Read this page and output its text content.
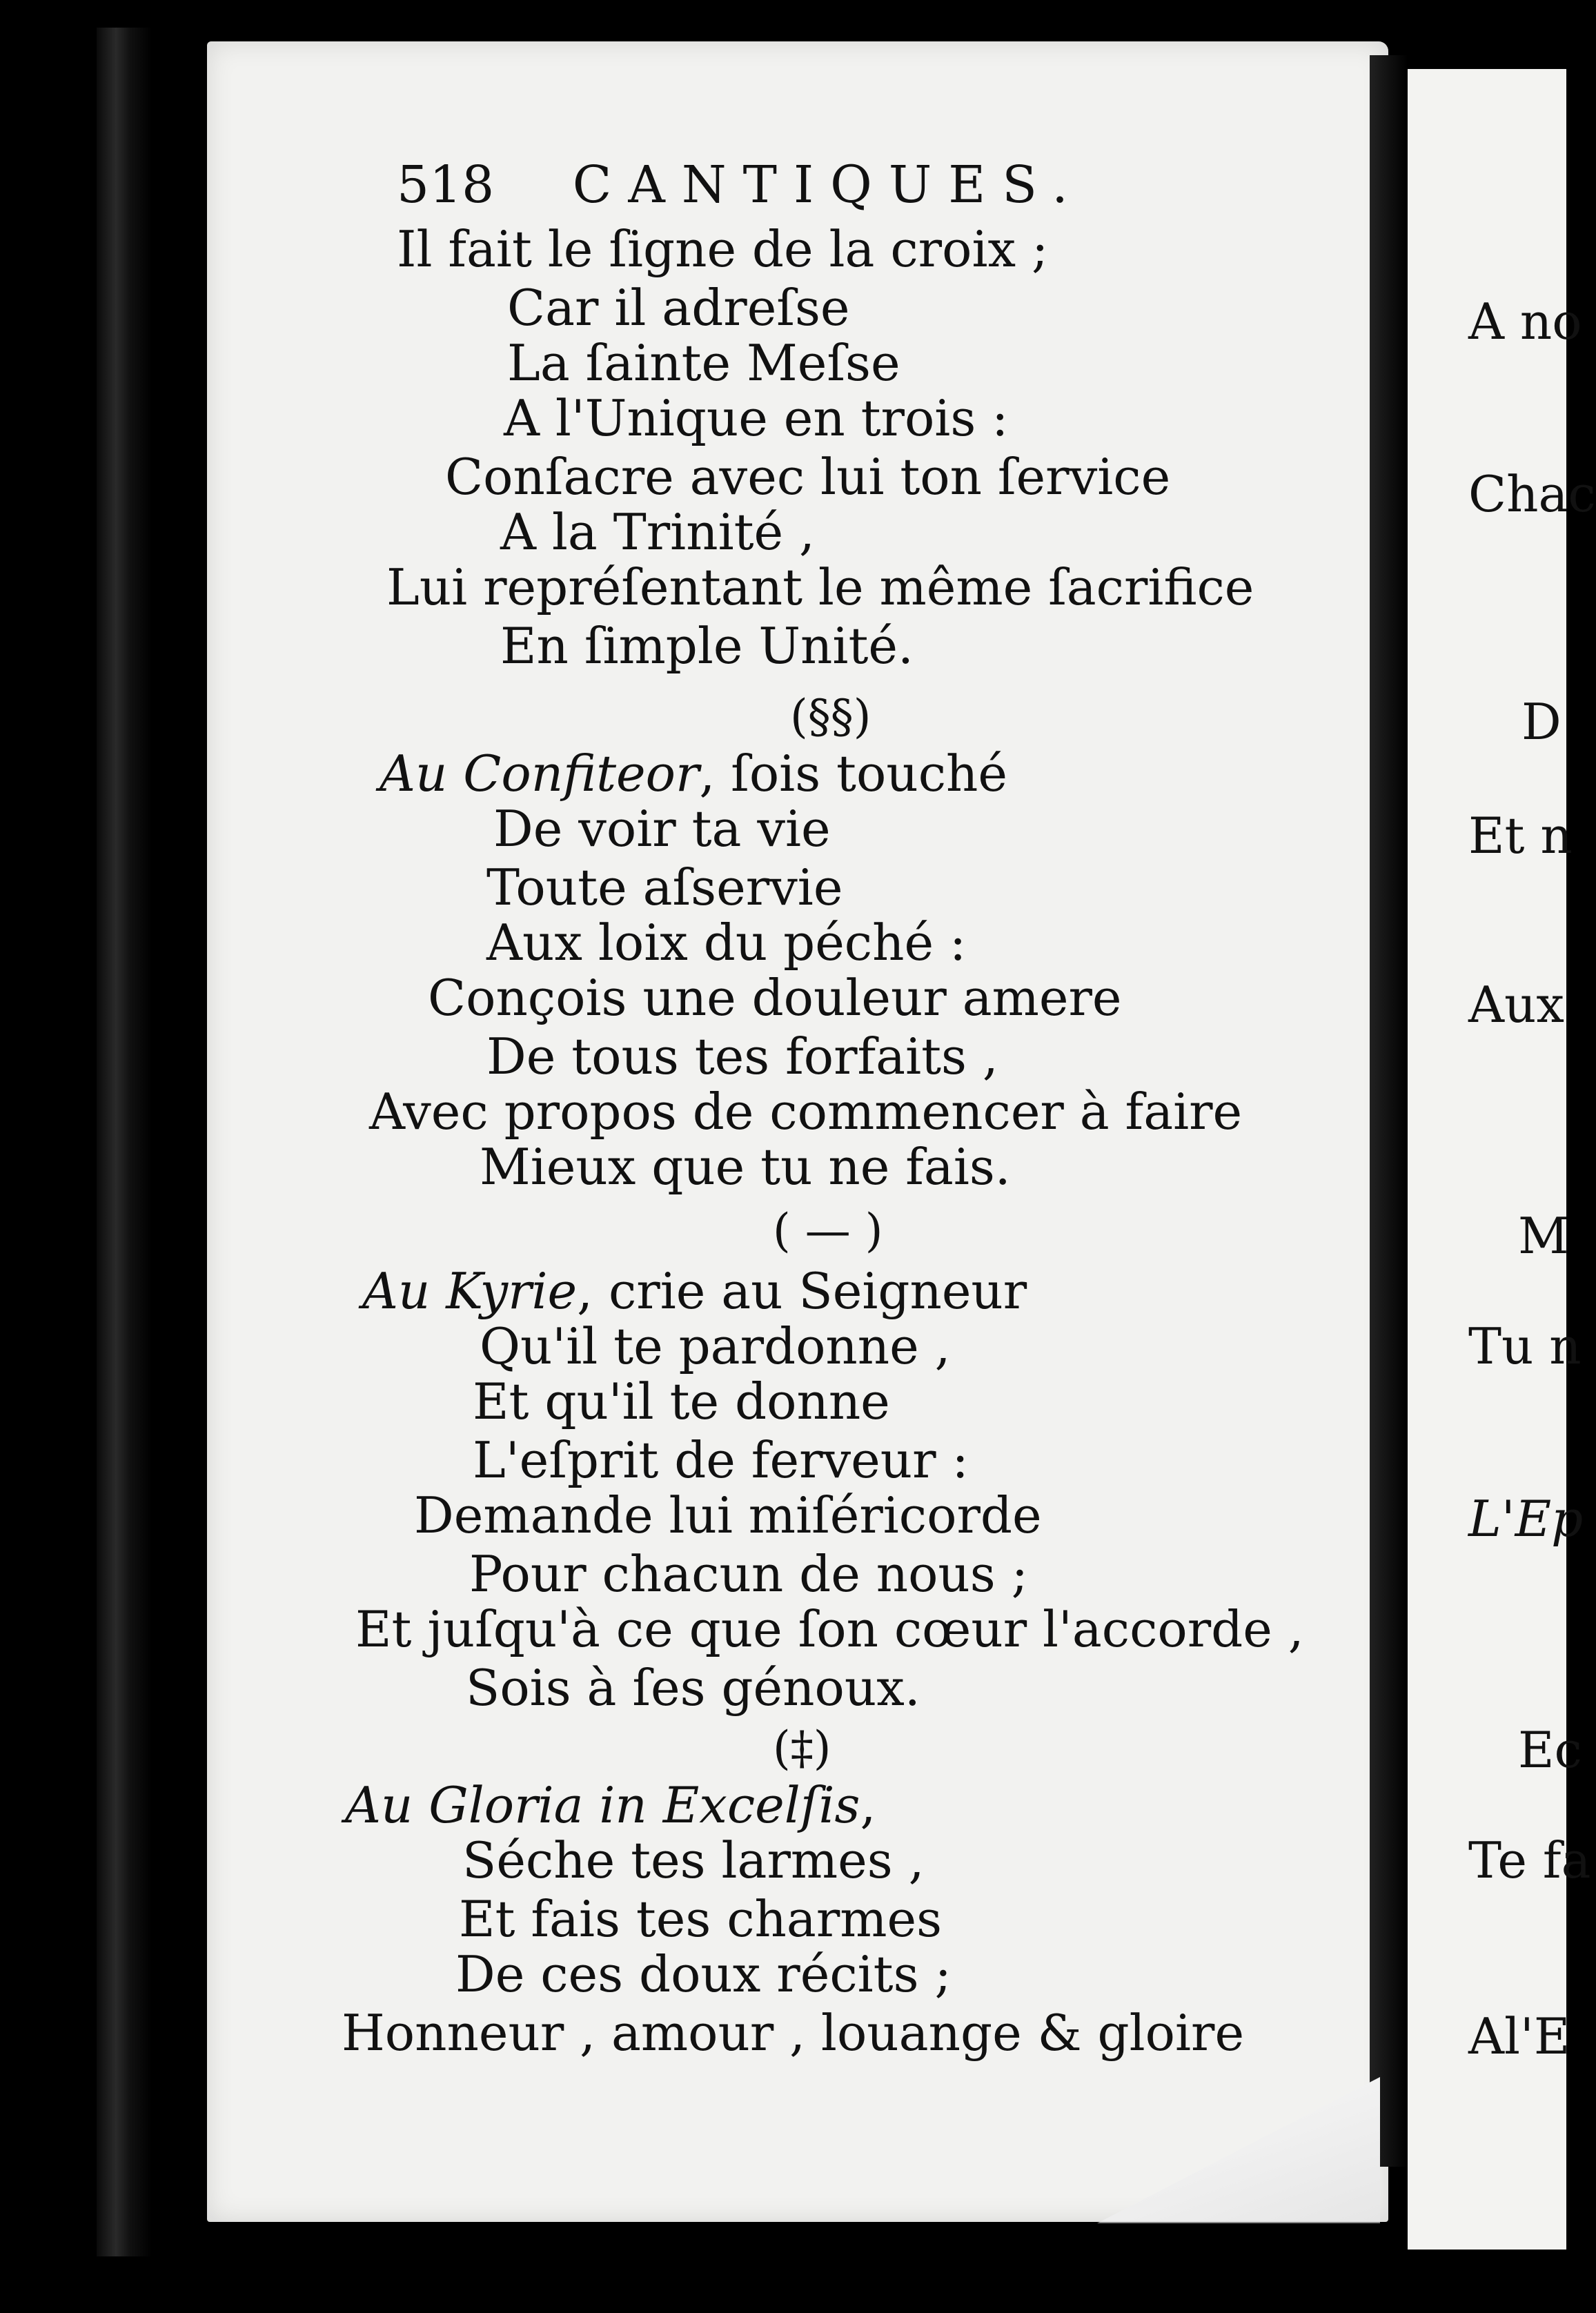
518 CANTIQUES.
Il fait le ſigne de la croix ;
Car il adreſse
La ſainte Meſse
A l'Unique en trois :
Conſacre avec lui ton ſervice
A la Trinité ,
Lui repréſentant le même ſacrifice
En ſimple Unité.
(§§)
Au Confiteor, ſois touché
De voir ta vie
Toute aſservie
Aux loix du péché :
Conçois une douleur amere
De tous tes forfaits ,
Avec propos de commencer à faire
Mieux que tu ne fais.
( — )
Au Kyrie, crie au Seigneur
Qu'il te pardonne ,
Et qu'il te donne
L'eſprit de ferveur :
Demande lui miſéricorde
Pour chacun de nous ;
Et juſqu'à ce que ſon cœur l'accorde ,
Sois à ſes génoux.
(‡)
Au Gloria in Excelſis,
Séche tes larmes ,
Et fais tes charmes
De ces doux récits ;
Honneur , amour , louange & gloire
A no
Chac
D
Et n
Aux
M
Tu n
L'Ep
Ec
Te fa
Al'E
